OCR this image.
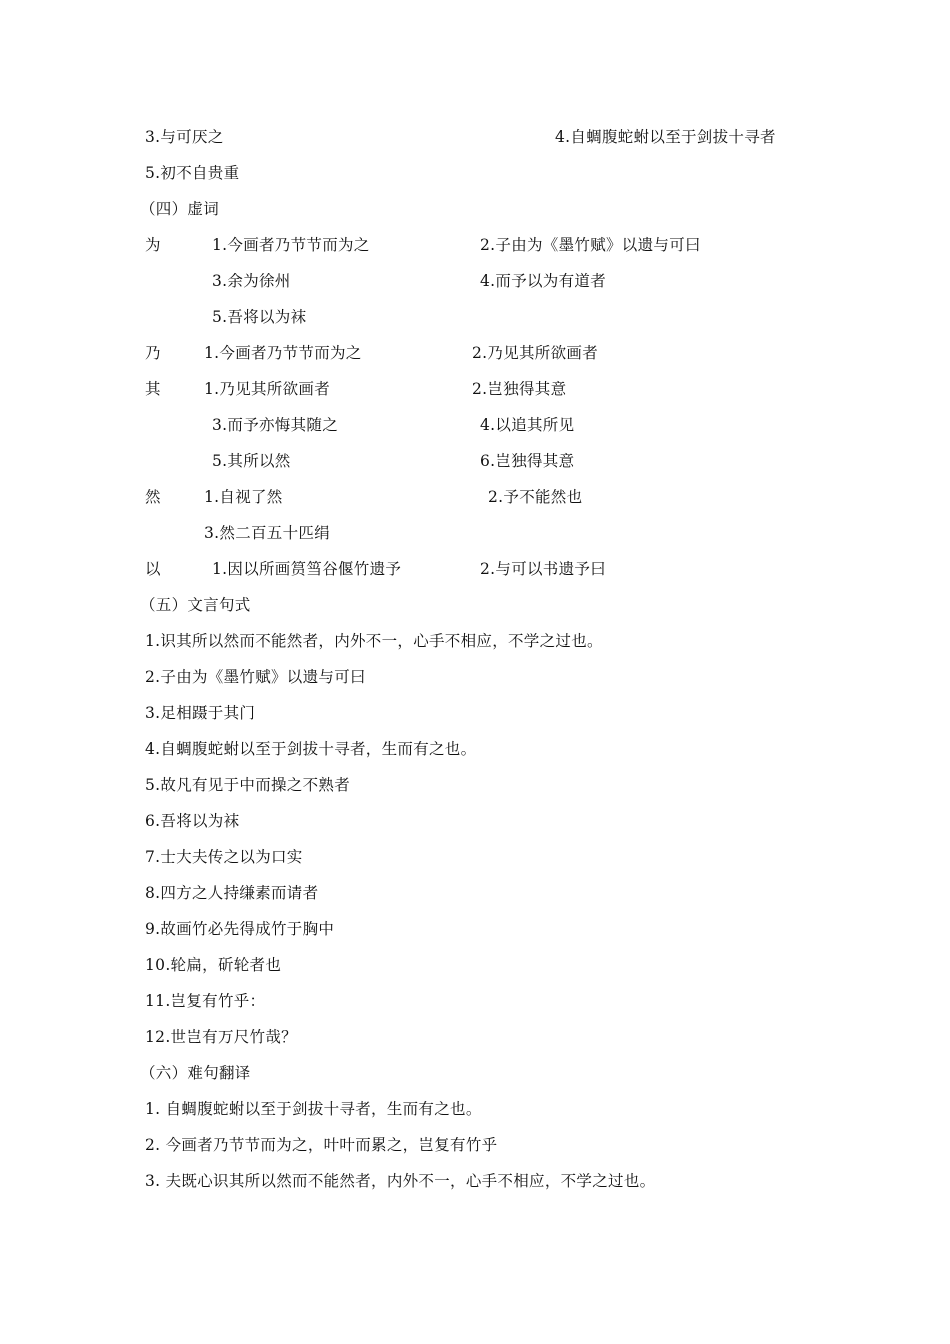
3.与可厌之	4.自蜩腹蛇蚹以至于剑拔十寻者
5.初不自贵重
（四）虚词
为	1.今画者乃节节而为之	2.子由为《墨竹赋》以遗与可曰
3.余为徐州	4.而予以为有道者
5.吾将以为袜
乃	1.今画者乃节节而为之	2.乃见其所欲画者
其	1.乃见其所欲画者	2.岂独得其意
3.而予亦悔其随之	4.以追其所见
5.其所以然	6.岂独得其意
然	1.自视了然	2.予不能然也
3.然二百五十匹绢
以	1.因以所画筼筜谷偃竹遗予	2.与可以书遗予曰
（五）文言句式
1.识其所以然而不能然者，内外不一，心手不相应，不学之过也。
2.子由为《墨竹赋》以遗与可曰
3.足相蹑于其门
4.自蜩腹蛇蚹以至于剑拔十寻者，生而有之也。
5.故凡有见于中而操之不熟者
6.吾将以为袜
7.士大夫传之以为口实
8.四方之人持缣素而请者
9.故画竹必先得成竹于胸中
10.轮扁，斫轮者也
11.岂复有竹乎：
12.世岂有万尺竹哉？
（六）难句翻译
1. 自蜩腹蛇蚹以至于剑拔十寻者，生而有之也。
2. 今画者乃节节而为之，叶叶而累之，岂复有竹乎
3. 夫既心识其所以然而不能然者，内外不一，心手不相应，不学之过也。
